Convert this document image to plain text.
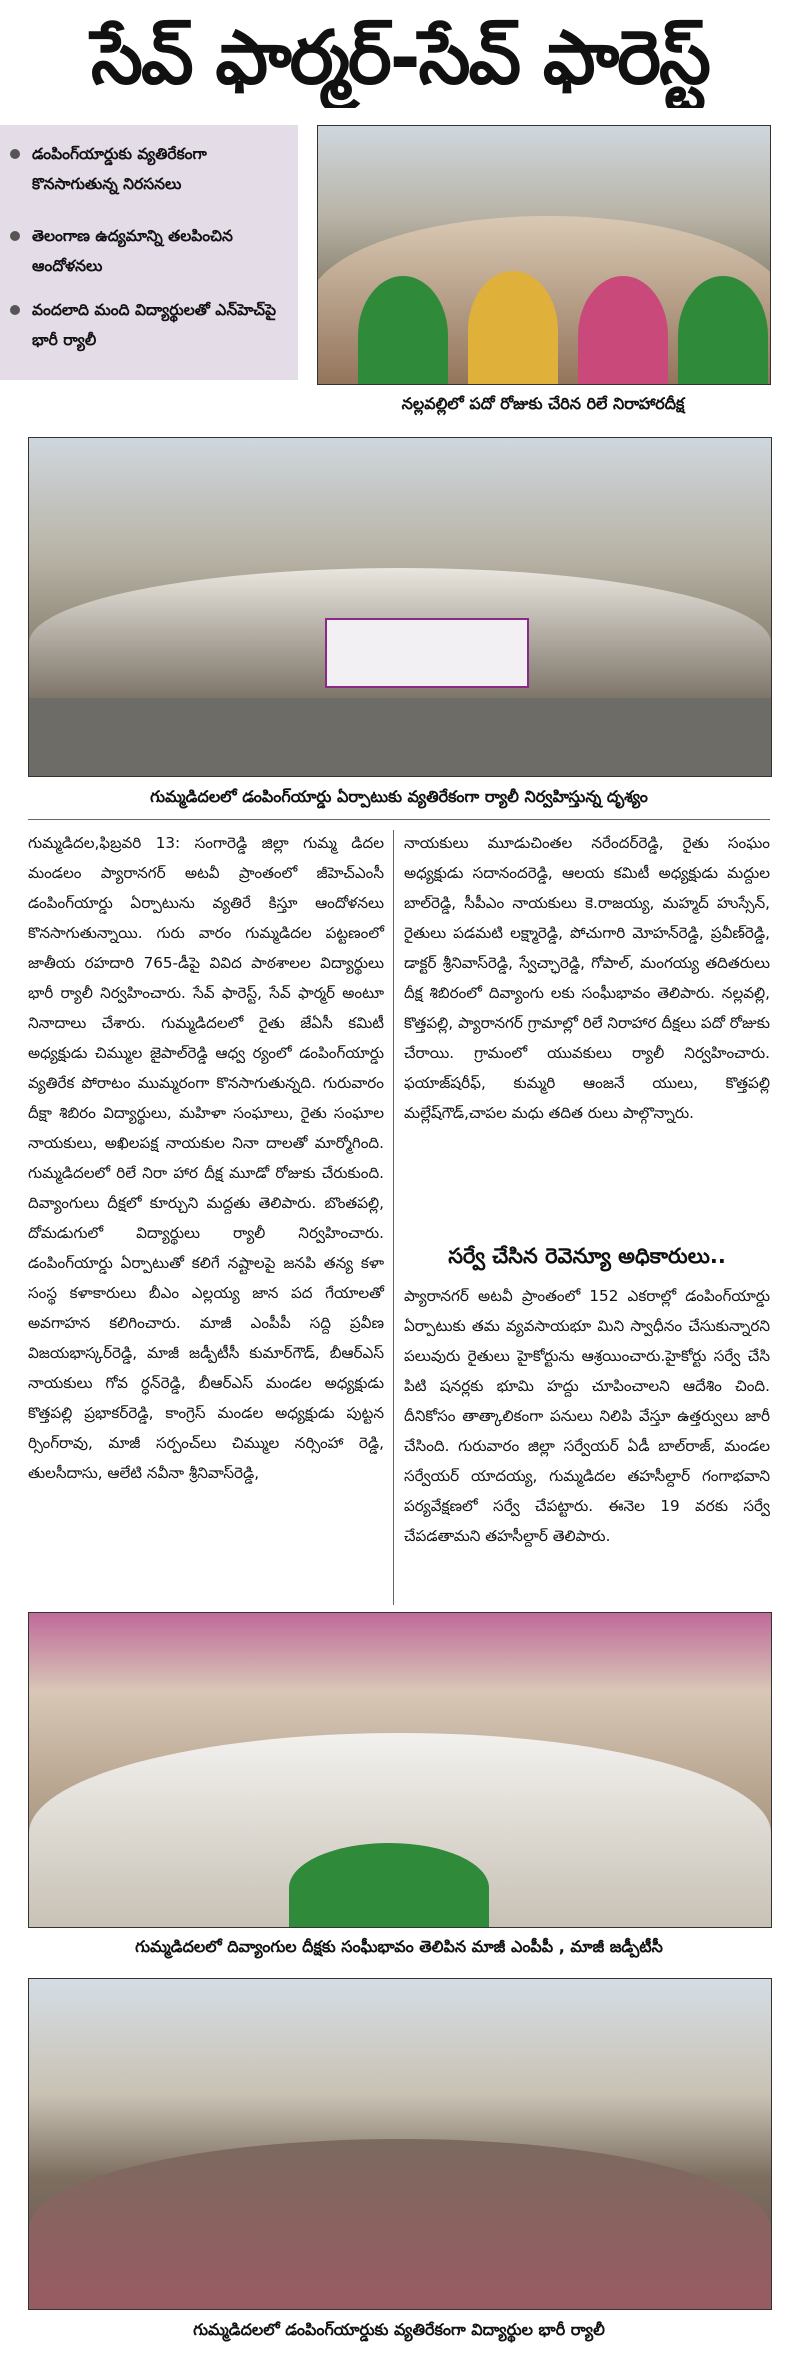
సేవ్ ఫార్మర్-సేవ్ ఫారెస్ట్
డంపింగ్‌యార్డుకు వ్యతిరేకంగా కొనసాగుతున్న నిరసనలు
తెలంగాణ ఉద్యమాన్ని తలపించిన ఆందోళనలు
వందలాది మంది విద్యార్థులతో ఎన్‌హెచ్‌పై భారీ ర్యాలీ
నల్లవల్లిలో పదో రోజుకు చేరిన రిలే నిరాహారదీక్ష
గుమ్మడిదలలో డంపింగ్‌యార్డు ఏర్పాటుకు వ్యతిరేకంగా ర్యాలీ నిర్వహిస్తున్న దృశ్యం

గుమ్మడిదల,ఫిబ్రవరి 13: సంగారెడ్డి జిల్లా గుమ్మ డిదల మండలం ప్యారానగర్ అటవీ ప్రాంతంలో జీహెచ్ఎంసీ డంపింగ్‌యార్డు ఏర్పాటును వ్యతిరే కిస్తూ ఆందోళనలు కొనసాగుతున్నాయి. గురు వారం గుమ్మడిదల పట్టణంలో జాతీయ రహదారి 765-డీపై వివిద పాఠశాలల విద్యార్థులు భారీ ర్యాలీ నిర్వహించారు. సేవ్ ఫారెస్ట్, సేవ్ ఫార్మర్ అంటూ నినాదాలు చేశారు. గుమ్మడిదలలో రైతు జేఏసీ కమిటీ అధ్యక్షుడు చిమ్ముల జైపాల్‌రెడ్డి ఆధ్వ ర్యంలో డంపింగ్‌యార్డు వ్యతిరేక పోరాటం ముమ్మరంగా కొనసాగుతున్నది. గురువారం దీక్షా శిబిరం విద్యార్థులు, మహిళా సంఘాలు, రైతు సంఘాల నాయకులు, అఖిలపక్ష నాయకుల నినా దాలతో మార్మోగింది. గుమ్మడిదలలో రిలే నిరా హార దీక్ష మూడో రోజుకు చేరుకుంది. దివ్యాంగులు దీక్షలో కూర్చుని మద్దతు తెలిపారు. బొంతపల్లి, దోమడుగులో విద్యార్థులు ర్యాలీ నిర్వహించారు. డంపింగ్‌యార్డు ఏర్పాటుతో కలిగే నష్టాలపై జనపి తన్య కళా సంస్థ కళాకారులు బీఎం ఎల్లయ్య జాన పద గేయాలతో అవగాహన కలిగించారు. మాజీ ఎంపీపీ సద్ది ప్రవీణ విజయభాస్కర్‌రెడ్డి, మాజీ జడ్పీటీసీ కుమార్‌గౌడ్, బీఆర్ఎస్ నాయకులు గోవ ర్ధన్‌రెడ్డి, బీఆర్ఎస్ మండల అధ్యక్షుడు కొత్తపల్లి ప్రభాకర్‌రెడ్డి, కాంగ్రెస్ మండల అధ్యక్షుడు పుట్టన ర్సింగ్‌రావు, మాజీ సర్పంచ్‌లు చిమ్ముల నర్సింహా రెడ్డి, తులసీదాసు, ఆలేటి నవీనా శ్రీనివాస్‌రెడ్డి,

నాయకులు మూడుచింతల నరేందర్‌రెడ్డి, రైతు సంఘం అధ్యక్షుడు సదానందరెడ్డి, ఆలయ కమిటీ అధ్యక్షుడు మద్దుల బాల్‌రెడ్డి, సీపీఎం నాయకులు కె.రాజయ్య, మహ్మద్ హుస్సేన్, రైతులు పడమటి లక్ష్మారెడ్డి, పోచుగారి మోహన్‌రెడ్డి, ప్రవీణ్‌రెడ్డి, డాక్టర్ శ్రీనివాస్‌రెడ్డి, స్వేచ్ఛారెడ్డి, గోపాల్, మంగయ్య తదితరులు దీక్ష శిబిరంలో దివ్యాంగు లకు సంఘీభావం తెలిపారు. నల్లవల్లి, కొత్తపల్లి, ప్యారానగర్ గ్రామాల్లో రిలే నిరాహార దీక్షలు పదో రోజుకు చేరాయి. గ్రామంలో యువకులు ర్యాలీ నిర్వహించారు. ఫయాజ్‌షరీఫ్, కుమ్మరి ఆంజనే యులు, కొత్తపల్లి మల్లేష్‌గౌడ్,చాపల మధు తదిత రులు పాల్గొన్నారు.

సర్వే చేసిన రెవెన్యూ అధికారులు..

ప్యారానగర్ అటవీ ప్రాంతంలో 152 ఎకరాల్లో డంపింగ్‌యార్డు ఏర్పాటుకు తమ వ్యవసాయభూ మిని స్వాధీనం చేసుకున్నారని పలువురు రైతులు హైకోర్టును ఆశ్రయించారు.హైకోర్టు సర్వే చేసి పిటి షనర్లకు భూమి హద్దు చూపించాలని ఆదేశిం చింది. దీనికోసం తాత్కాలికంగా పనులు నిలిపి వేస్తూ ఉత్తర్వులు జారీ చేసింది. గురువారం జిల్లా సర్వేయర్ ఏడీ బాల్‌రాజ్, మండల సర్వేయర్ యాదయ్య, గుమ్మడిదల తహసీల్దార్ గంగాభవాని పర్యవేక్షణలో సర్వే చేపట్టారు. ఈనెల 19 వరకు సర్వే చేపడతామని తహసీల్దార్ తెలిపారు.

గుమ్మడిదలలో దివ్యాంగుల దీక్షకు సంఘీభావం తెలిపిన మాజీ ఎంపీపీ , మాజీ జడ్పీటీసీ
గుమ్మడిదలలో డంపింగ్‌యార్డుకు వ్యతిరేకంగా విద్యార్థుల భారీ ర్యాలీ
